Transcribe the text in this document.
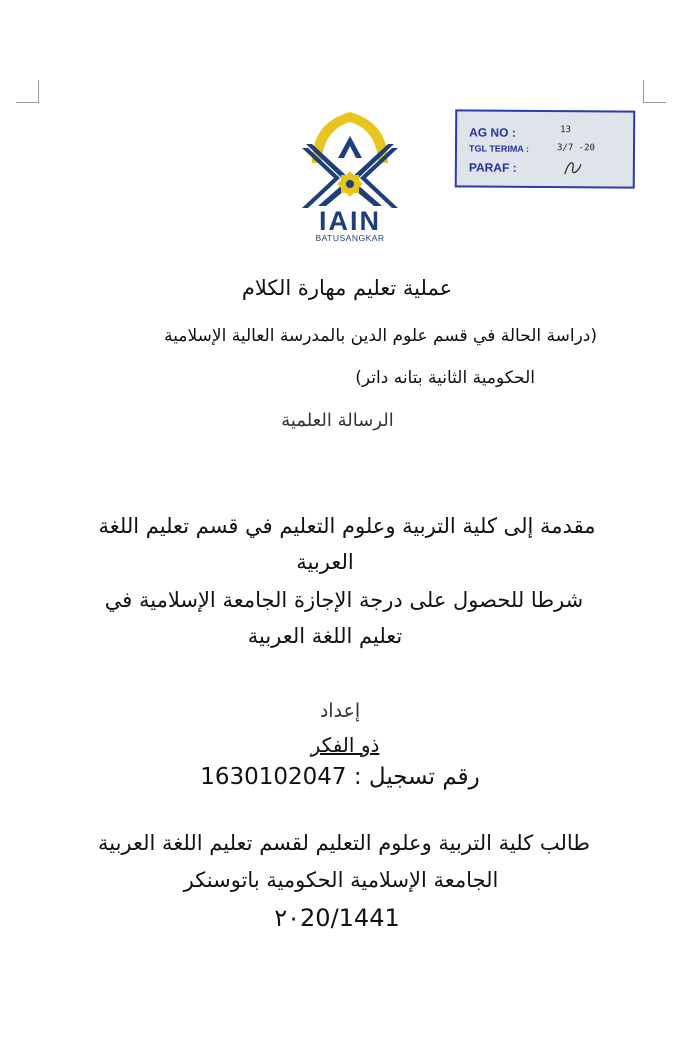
IAIN
BATUSANGKAR
AG NO :
TGL TERIMA :
PARAF :
13
3/7 -20
عملية تعليم مهارة الكلام
(دراسة الحالة في قسم علوم الدين بالمدرسة العالية الإسلامية
الحكومية الثانية بتانه داتر)
الرسالة العلمية
مقدمة إلى كلية التربية وعلوم التعليم في قسم تعليم اللغة
العربية
شرطا للحصول على درجة الإجازة الجامعة الإسلامية في
تعليم اللغة العربية
إعداد
ذو الفكر
رقم تسجيل : 1630102047
طالب كلية التربية وعلوم التعليم لقسم تعليم اللغة العربية
الجامعة الإسلامية الحكومية باتوسنكر
٢٠20/1441
